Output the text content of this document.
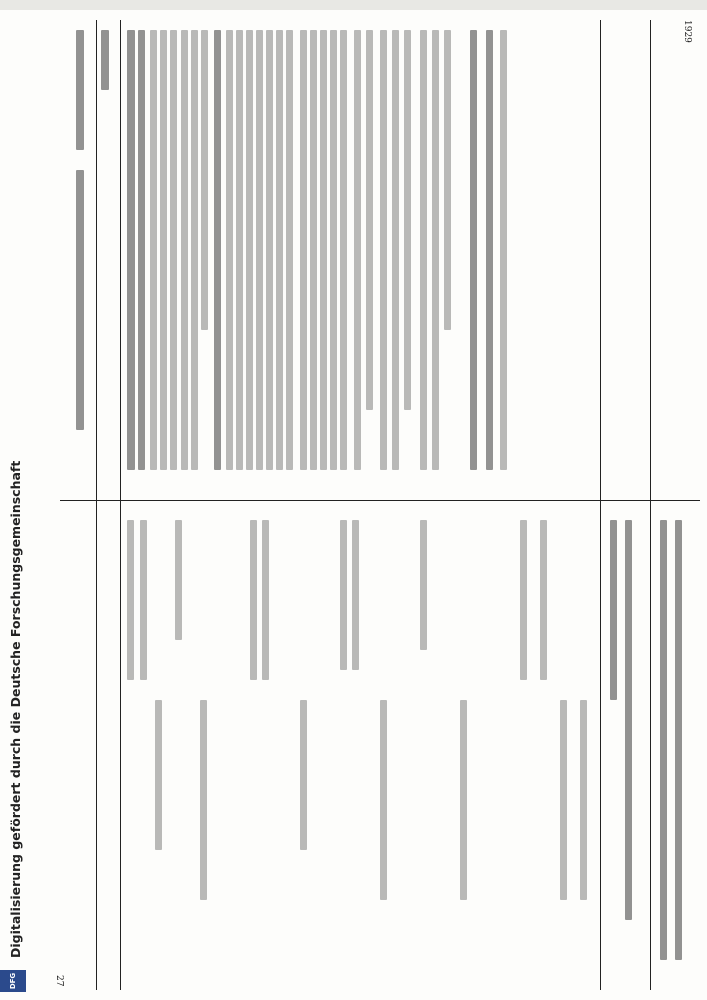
1929
27
DFG
Digitalisierung gefördert durch die Deutsche Forschungsgemeinschaft
